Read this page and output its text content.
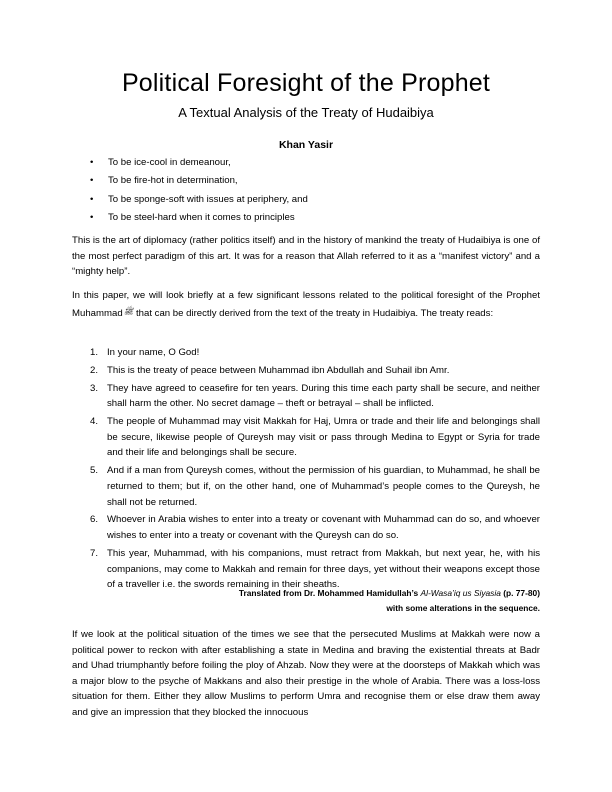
Political Foresight of the Prophet
A Textual Analysis of the Treaty of Hudaibiya
Khan Yasir
• To be ice-cool in demeanour,
• To be fire-hot in determination,
• To be sponge-soft with issues at periphery, and
• To be steel-hard when it comes to principles

This is the art of diplomacy (rather politics itself) and in the history of mankind the treaty of Hudaibiya is one of the most perfect paradigm of this art. It was for a reason that Allah referred to it as a “manifest victory” and a “mighty help”.

In this paper, we will look briefly at a few significant lessons related to the political foresight of the Prophet Muhammad$^ﷺ$ that can be directly derived from the text of the treaty in Hudaibiya. The treaty reads:

1. In your name, O God!
2. This is the treaty of peace between Muhammad ibn Abdullah and Suhail ibn Amr.
3. They have agreed to ceasefire for ten years. During this time each party shall be secure, and neither shall harm the other. No secret damage – theft or betrayal – shall be inflicted.
4. The people of Muhammad may visit Makkah for Haj, Umra or trade and their life and belongings shall be secure, likewise people of Qureysh may visit or pass through Medina to Egypt or Syria for trade and their life and belongings shall be secure.
5. And if a man from Qureysh comes, without the permission of his guardian, to Muhammad, he shall be returned to them; but if, on the other hand, one of Muhammad’s people comes to the Qureysh, he shall not be returned.
6. Whoever in Arabia wishes to enter into a treaty or covenant with Muhammad can do so, and whoever wishes to enter into a treaty or covenant with the Qureysh can do so.
7. This year, Muhammad, with his companions, must retract from Makkah, but next year, he, with his companions, may come to Makkah and remain for three days, yet without their weapons except those of a traveller i.e. the swords remaining in their sheaths.
Translated from Dr. Mohammed Hamidullah’s Al-Wasa’iq us Siyasia (p. 77-80)
with some alterations in the sequence.

If we look at the political situation of the times we see that the persecuted Muslims at Makkah were now a political power to reckon with after establishing a state in Medina and braving the existential threats at Badr and Uhad triumphantly before foiling the ploy of Ahzab. Now they were at the doorsteps of Makkah which was a major blow to the psyche of Makkans and also their prestige in the whole of Arabia. There was a loss-loss situation for them. Either they allow Muslims to perform Umra and recognise them or else draw them away and give an impression that they blocked the innocuous
